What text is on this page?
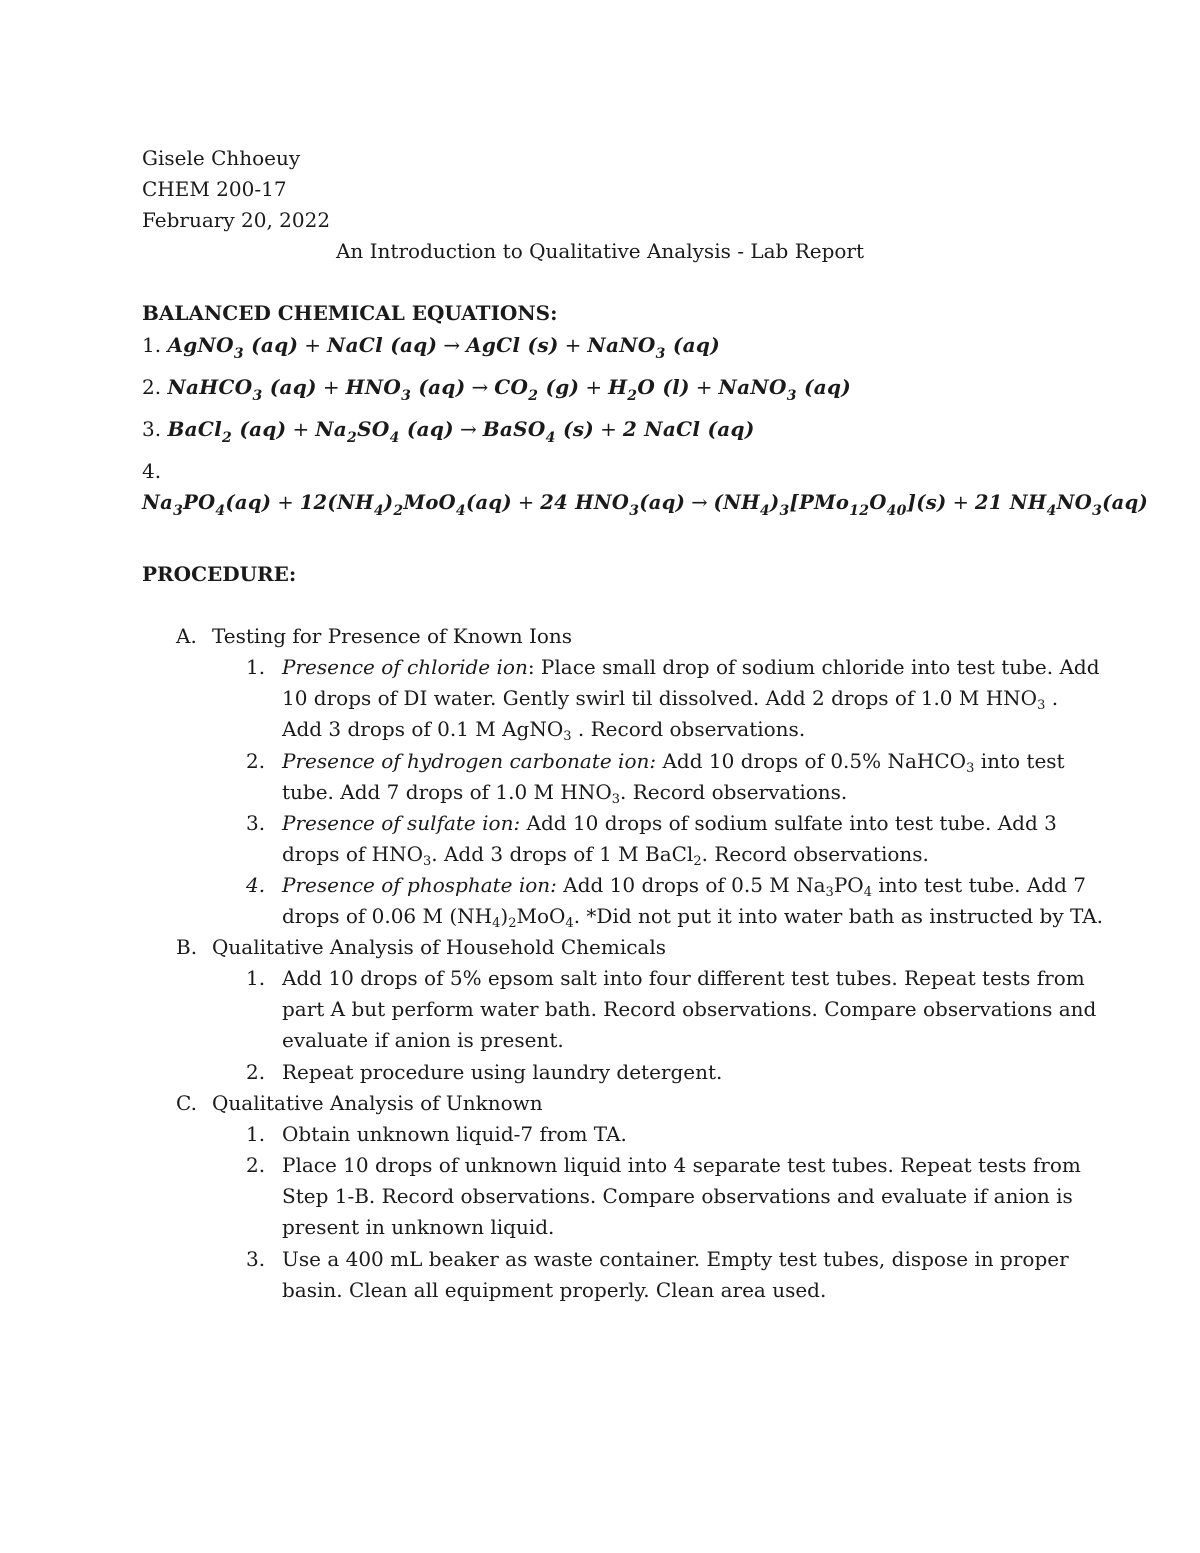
Gisele Chhoeuy
CHEM 200-17
February 20, 2022
An Introduction to Qualitative Analysis - Lab Report
BALANCED CHEMICAL EQUATIONS:
1. AgNO$_3$ (aq) + NaCl (aq) → AgCl (s) + NaNO$_3$ (aq)
2. NaHCO$_3$ $(aq) + HNO_3$ $(aq) \to CO_2$ $(g) + H_2O$ (l) + NaNO$_3$ (aq)
3. BaCl$_2$ $(aq) + Na_2SO_4$ (aq) → BaSO$_4$ (s) + 2 NaCl (aq)
4.
$Na_3PO_4(aq) + 12(NH_4)_2MoO_4(aq) + 24$ $HNO_3(aq) \to (NH_4)_3[PMo_{12}O_{40}](s) + 21$ $NH_4NO_3(aq)$
PROCEDURE:
A. Testing for Presence of Known Ions
1. Presence of chloride ion: Place small drop of sodium chloride into test tube. Add
10 drops of DI water. Gently swirl til dissolved. Add 2 drops of 1.0 M $HNO_3$ .
Add 3 drops of 0.1 M AgNO$_3$ . Record observations.
2. Presence of hydrogen carbonate ion: Add 10 drops of 0.5% NaHCO$_3$ into test
tube. Add 7 drops of 1.0 M $HNO_3$. Record observations.
3. Presence of sulfate ion: Add 10 drops of sodium sulfate into test tube. Add 3
drops of $HNO_3$. Add 3 drops of 1 M BaCl$_2$. Record observations.
4. Presence of phosphate ion: Add 10 drops of 0.5 M $Na_3PO_4$ into test tube. Add 7
drops of 0.06 M $(NH_4)_2MoO_4$. *Did not put it into water bath as instructed by TA.
B. Qualitative Analysis of Household Chemicals
1. Add 10 drops of 5% epsom salt into four different test tubes. Repeat tests from
part A but perform water bath. Record observations. Compare observations and
evaluate if anion is present.
2. Repeat procedure using laundry detergent.
C. Qualitative Analysis of Unknown
1. Obtain unknown liquid-7 from TA.
2. Place 10 drops of unknown liquid into 4 separate test tubes. Repeat tests from
Step 1-B. Record observations. Compare observations and evaluate if anion is
present in unknown liquid.
3. Use a 400 mL beaker as waste container. Empty test tubes, dispose in proper
basin. Clean all equipment properly. Clean area used.
